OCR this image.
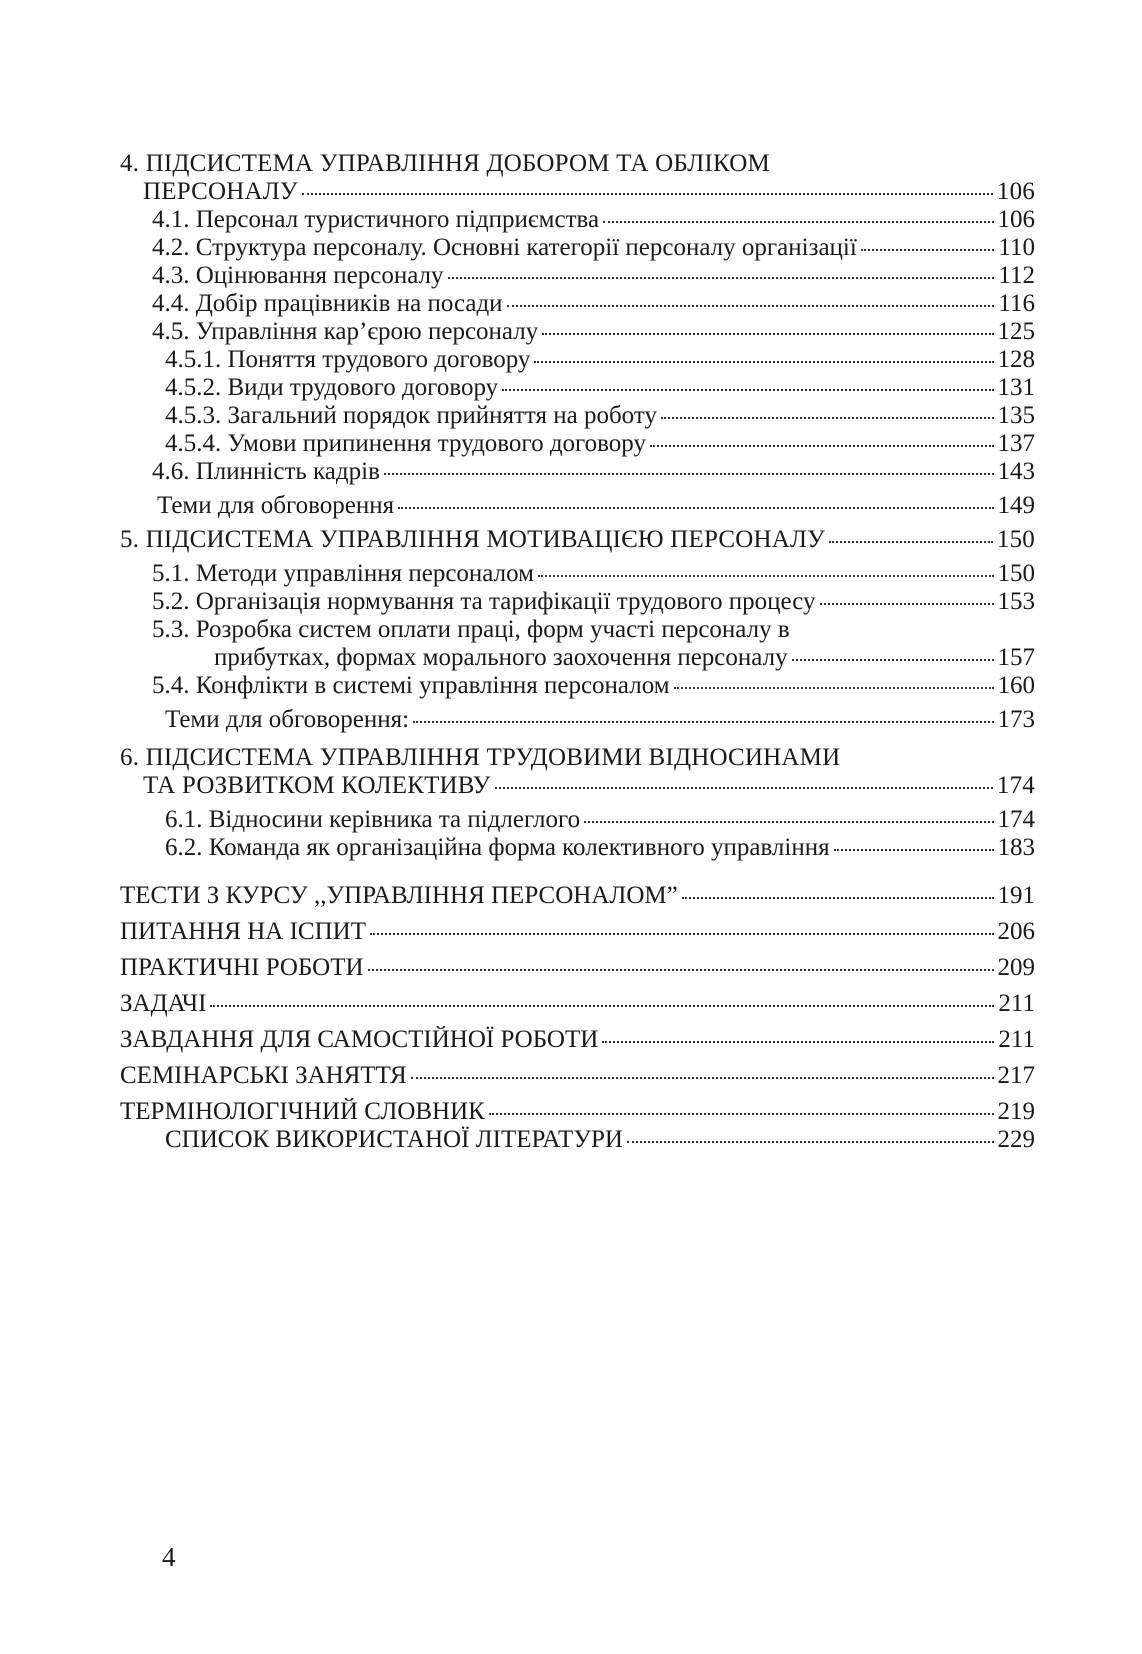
4. ПІДСИСТЕМА УПРАВЛІННЯ ДОБОРОМ ТА ОБЛІКОМ
ПЕРСОНАЛУ	106
4.1. Персонал туристичного підприємства	106
4.2. Структура персоналу. Основні категорії персоналу організації	110
4.3. Оцінювання персоналу	112
4.4. Добір працівників на посади	116
4.5. Управління кар’єрою персоналу	125
4.5.1. Поняття трудового договору	128
4.5.2. Види трудового договору	131
4.5.3. Загальний порядок прийняття на роботу	135
4.5.4. Умови припинення трудового договору	137
4.6. Плинність кадрів	143
Теми для обговорення	149
5. ПІДСИСТЕМА УПРАВЛІННЯ МОТИВАЦІЄЮ ПЕРСОНАЛУ	150
5.1. Методи управління персоналом	150
5.2. Організація нормування та тарифікації трудового процесу	153
5.3. Розробка систем оплати праці, форм участі персоналу в
прибутках, формах морального заохочення персоналу	157
5.4. Конфлікти в системі управління персоналом	160
Теми для обговорення:	173
6. ПІДСИСТЕМА УПРАВЛІННЯ ТРУДОВИМИ ВІДНОСИНАМИ
ТА РОЗВИТКОМ КОЛЕКТИВУ	174
6.1. Відносини керівника та підлеглого	174
6.2. Команда як організаційна форма колективного управління	183
ТЕСТИ З КУРСУ ,,УПРАВЛІННЯ ПЕРСОНАЛОМ”	191
ПИТАННЯ НА ІСПИТ	206
ПРАКТИЧНІ РОБОТИ	209
ЗАДАЧІ	211
ЗАВДАННЯ ДЛЯ САМОСТІЙНОЇ РОБОТИ	211
СЕМІНАРСЬКІ ЗАНЯТТЯ	217
ТЕРМІНОЛОГІЧНИЙ СЛОВНИК	219
СПИСОК ВИКОРИСТАНОЇ ЛІТЕРАТУРИ	229
4
